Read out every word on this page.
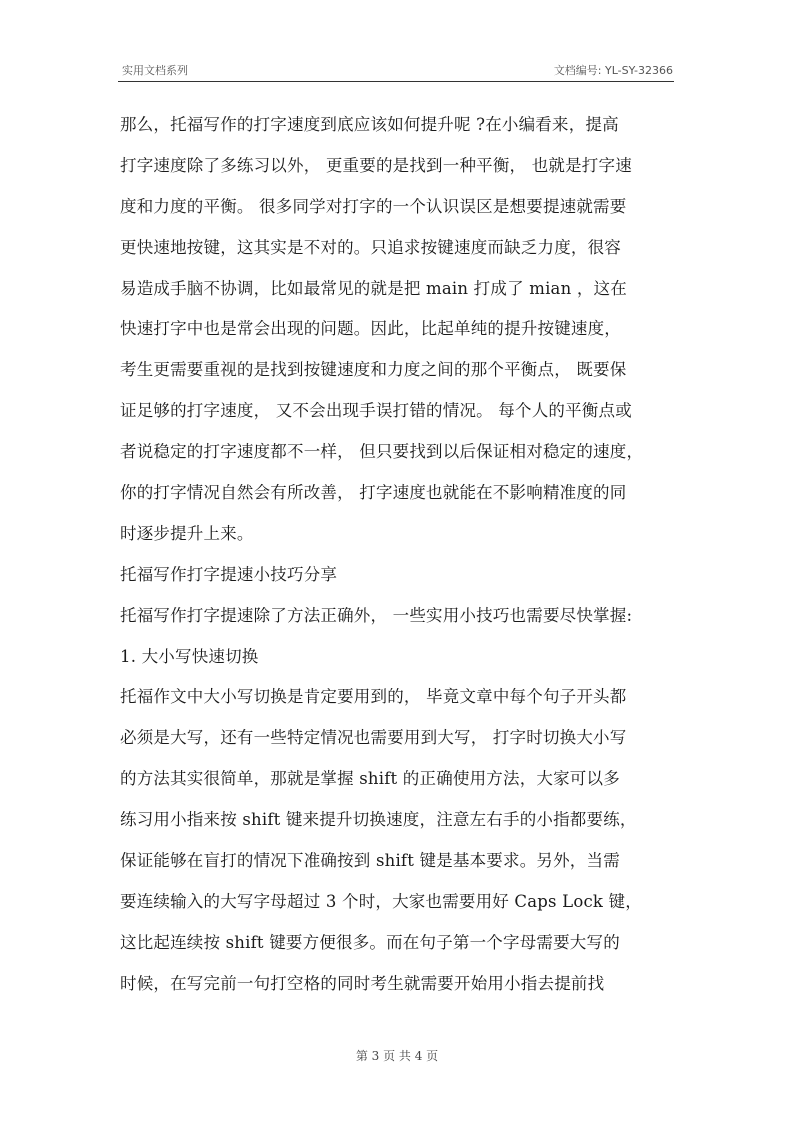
实用文档系列	文档编号: YL-SY-32366
那么，托福写作的打字速度到底应该如何提升呢 ?在小编看来，提高
打字速度除了多练习以外， 更重要的是找到一种平衡， 也就是打字速
度和力度的平衡。 很多同学对打字的一个认识误区是想要提速就需要
更快速地按键，这其实是不对的。只追求按键速度而缺乏力度，很容
易造成手脑不协调，比如最常见的就是把 main 打成了 mian ，这在
快速打字中也是常会出现的问题。因此，比起单纯的提升按键速度，
考生更需要重视的是找到按键速度和力度之间的那个平衡点， 既要保
证足够的打字速度， 又不会出现手误打错的情况。 每个人的平衡点或
者说稳定的打字速度都不一样， 但只要找到以后保证相对稳定的速度，
你的打字情况自然会有所改善， 打字速度也就能在不影响精准度的同
时逐步提升上来。
托福写作打字提速小技巧分享
托福写作打字提速除了方法正确外， 一些实用小技巧也需要尽快掌握:
1. 大小写快速切换
托福作文中大小写切换是肯定要用到的， 毕竟文章中每个句子开头都
必须是大写，还有一些特定情况也需要用到大写， 打字时切换大小写
的方法其实很简单，那就是掌握 shift 的正确使用方法，大家可以多
练习用小指来按 shift 键来提升切换速度，注意左右手的小指都要练，
保证能够在盲打的情况下准确按到 shift 键是基本要求。另外，当需
要连续输入的大写字母超过 3 个时，大家也需要用好 Caps Lock 键，
这比起连续按 shift 键要方便很多。而在句子第一个字母需要大写的
时候，在写完前一句打空格的同时考生就需要开始用小指去提前找
第 3 页 共 4 页
